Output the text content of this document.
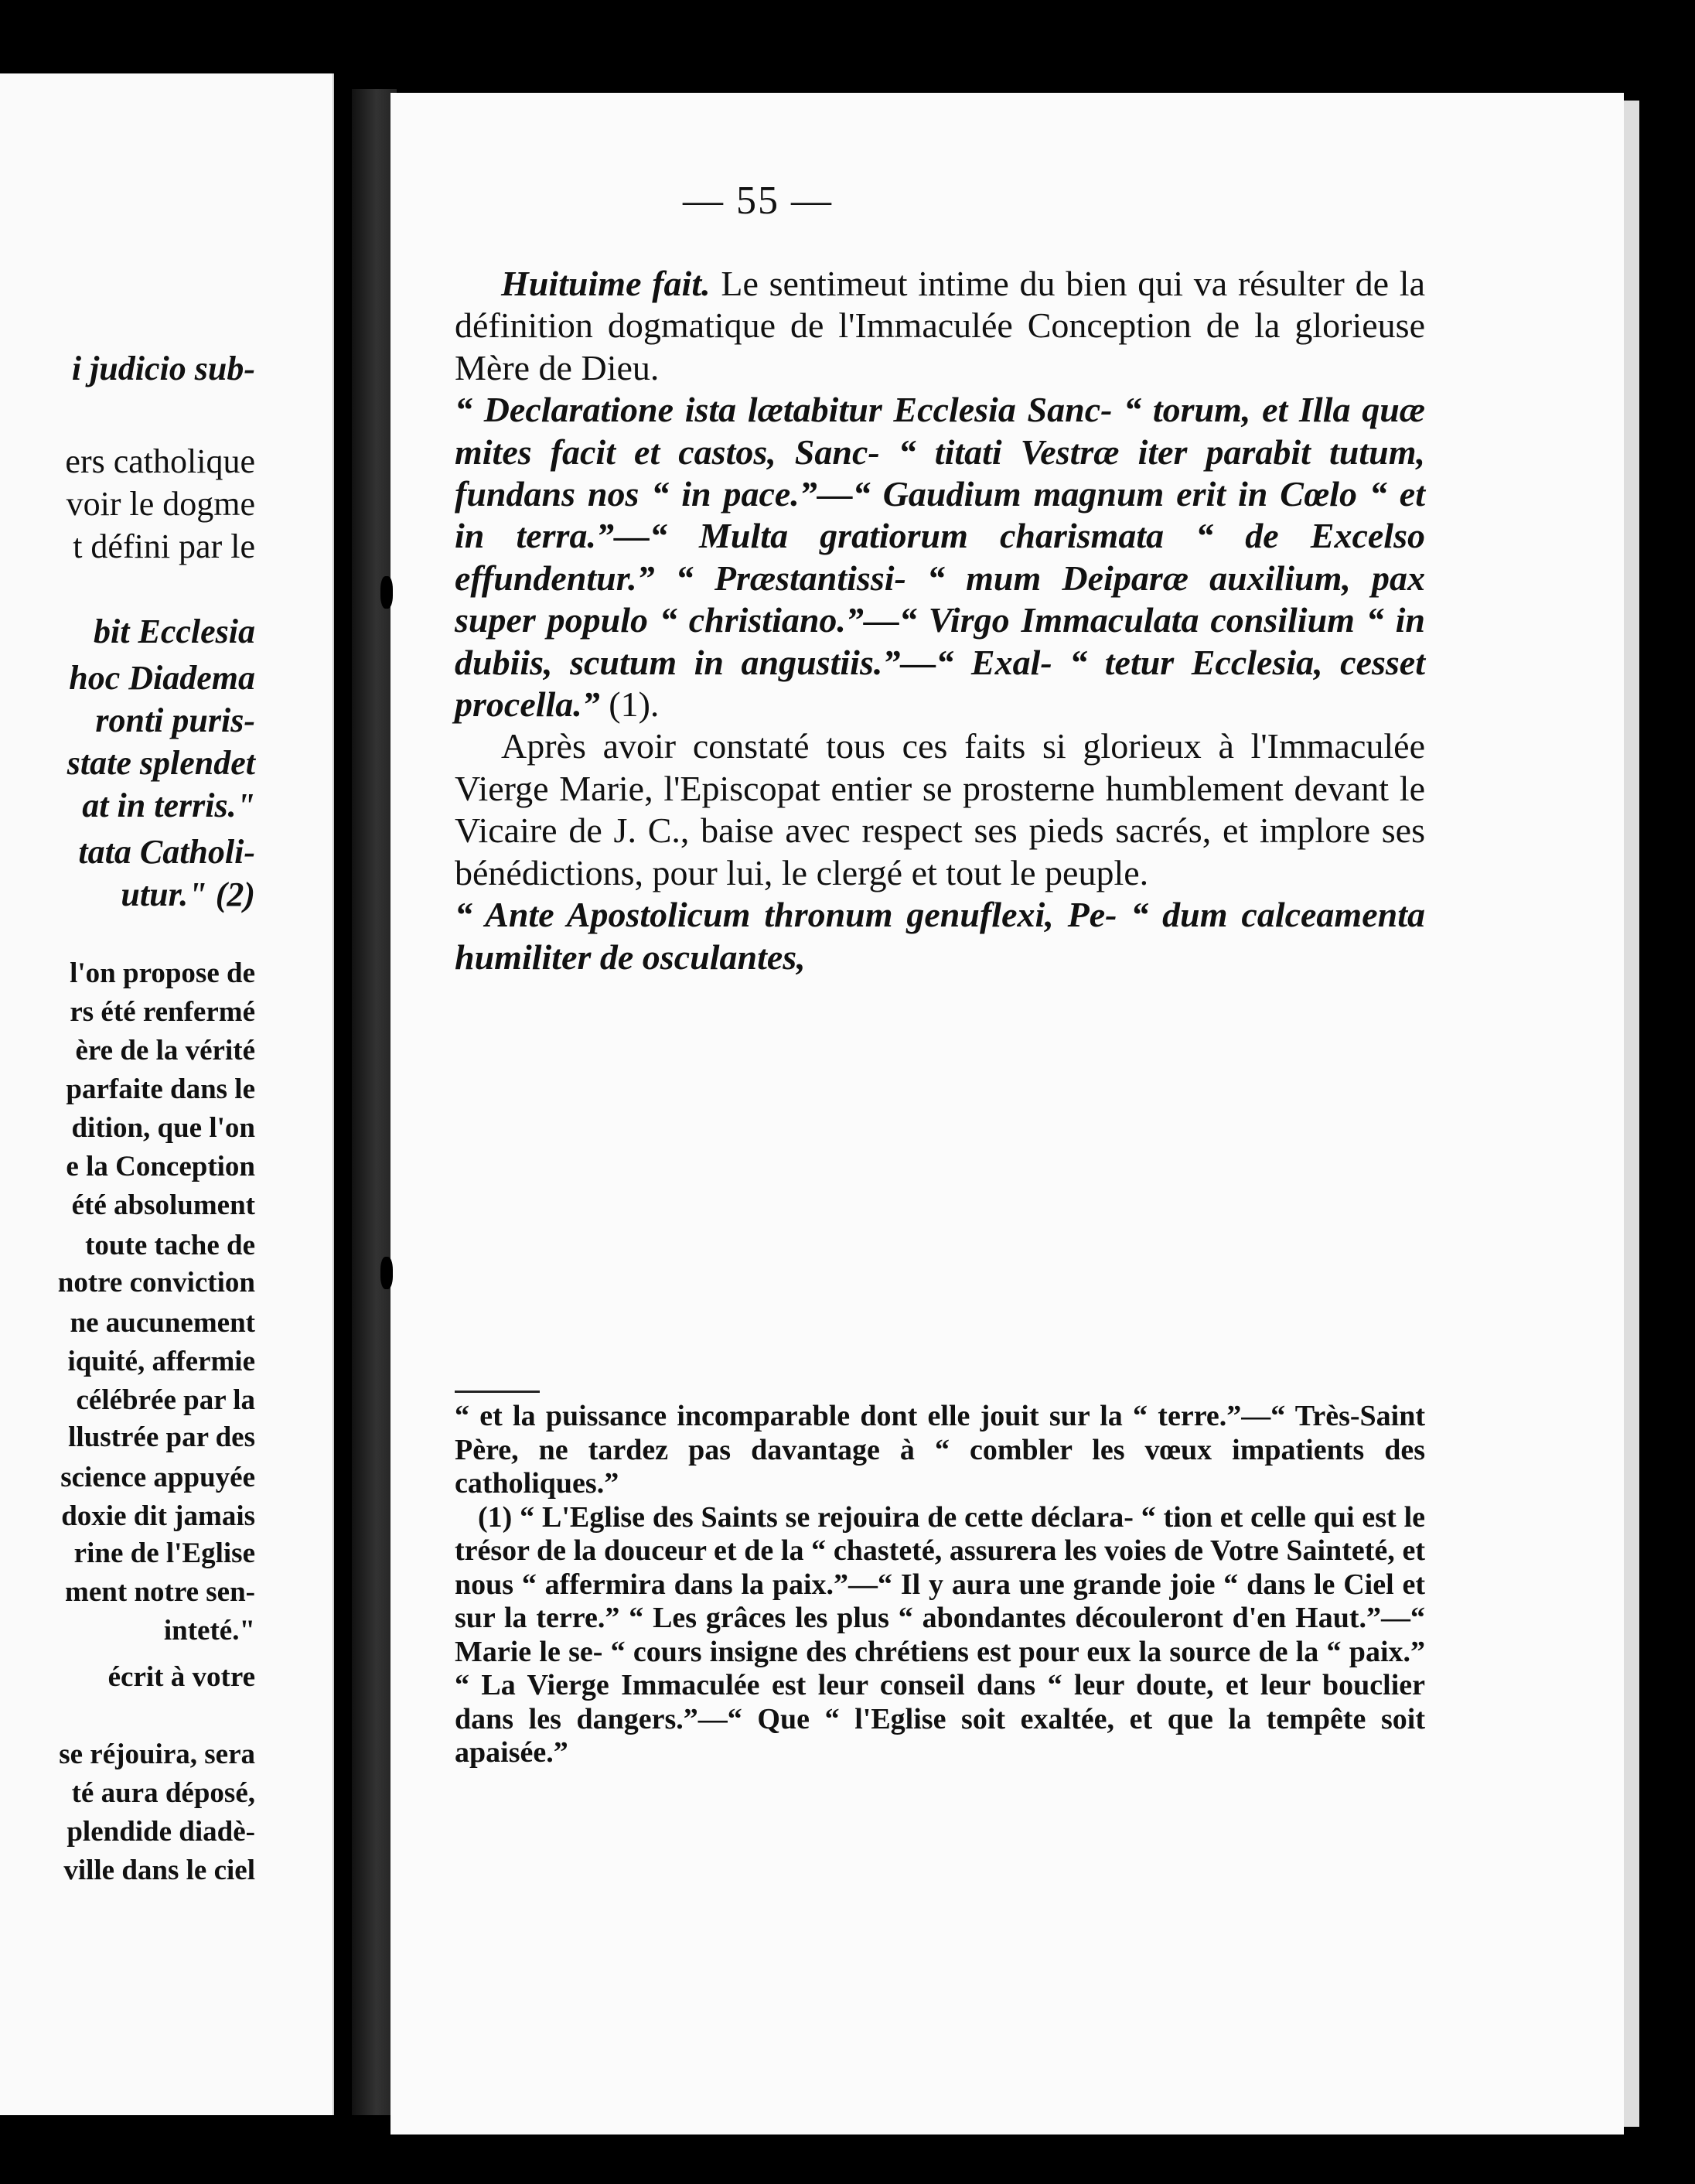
i judicio sub-
ers catholique
voir le dogme
t défini par le
bit Ecclesia
hoc Diadema
ronti puris-
state splendet
at in terris."
tata Catholi-
utur." (2)
l'on propose de
rs été renfermé
ère de la vérité
parfaite dans le
dition, que l'on
e la Conception
été absolument
toute tache de
notre conviction
ne aucunement
iquité, affermie
célébrée par la
llustrée par des
science appuyée
doxie dit jamais
rine de l'Eglise
ment notre sen-
inteté."
écrit à votre
se réjouira, sera
té aura déposé,
plendide diadè-
ville dans le ciel
— 55 —

Huituime fait. Le sentimeut intime du bien qui va résulter de la définition dogmatique de l'Immaculée Conception de la glorieuse Mère de Dieu.

“ Declaratione ista lætabitur Ecclesia Sanc- “ torum, et Illa quæ mites facit et castos, Sanc- “ titati Vestræ iter parabit tutum, fundans nos “ in pace.”—“ Gaudium magnum erit in Cœlo “ et in terra.”—“ Multa gratiorum charismata “ de Excelso effundentur.” “ Præstantissi- “ mum Deiparæ auxilium, pax super populo “ christiano.”—“ Virgo Immaculata consilium “ in dubiis, scutum in angustiis.”—“ Exal- “ tetur Ecclesia, cesset procella.” (1).

Après avoir constaté tous ces faits si glorieux à l'Immaculée Vierge Marie, l'Episcopat entier se prosterne humblement devant le Vicaire de J. C., baise avec respect ses pieds sacrés, et implore ses bénédictions, pour lui, le clergé et tout le peuple.

“ Ante Apostolicum thronum genuflexi, Pe- “ dum calceamenta humiliter de osculantes,

“ et la puissance incomparable dont elle jouit sur la “ terre.”—“ Très-Saint Père, ne tardez pas davantage à “ combler les vœux impatients des catholiques.”

(1) “ L'Eglise des Saints se rejouira de cette déclara- “ tion et celle qui est le trésor de la douceur et de la “ chasteté, assurera les voies de Votre Sainteté, et nous “ affermira dans la paix.”—“ Il y aura une grande joie “ dans le Ciel et sur la terre.” “ Les grâces les plus “ abondantes découleront d'en Haut.”—“ Marie le se- “ cours insigne des chrétiens est pour eux la source de la “ paix.” “ La Vierge Immaculée est leur conseil dans “ leur doute, et leur bouclier dans les dangers.”—“ Que “ l'Eglise soit exaltée, et que la tempête soit apaisée.”
